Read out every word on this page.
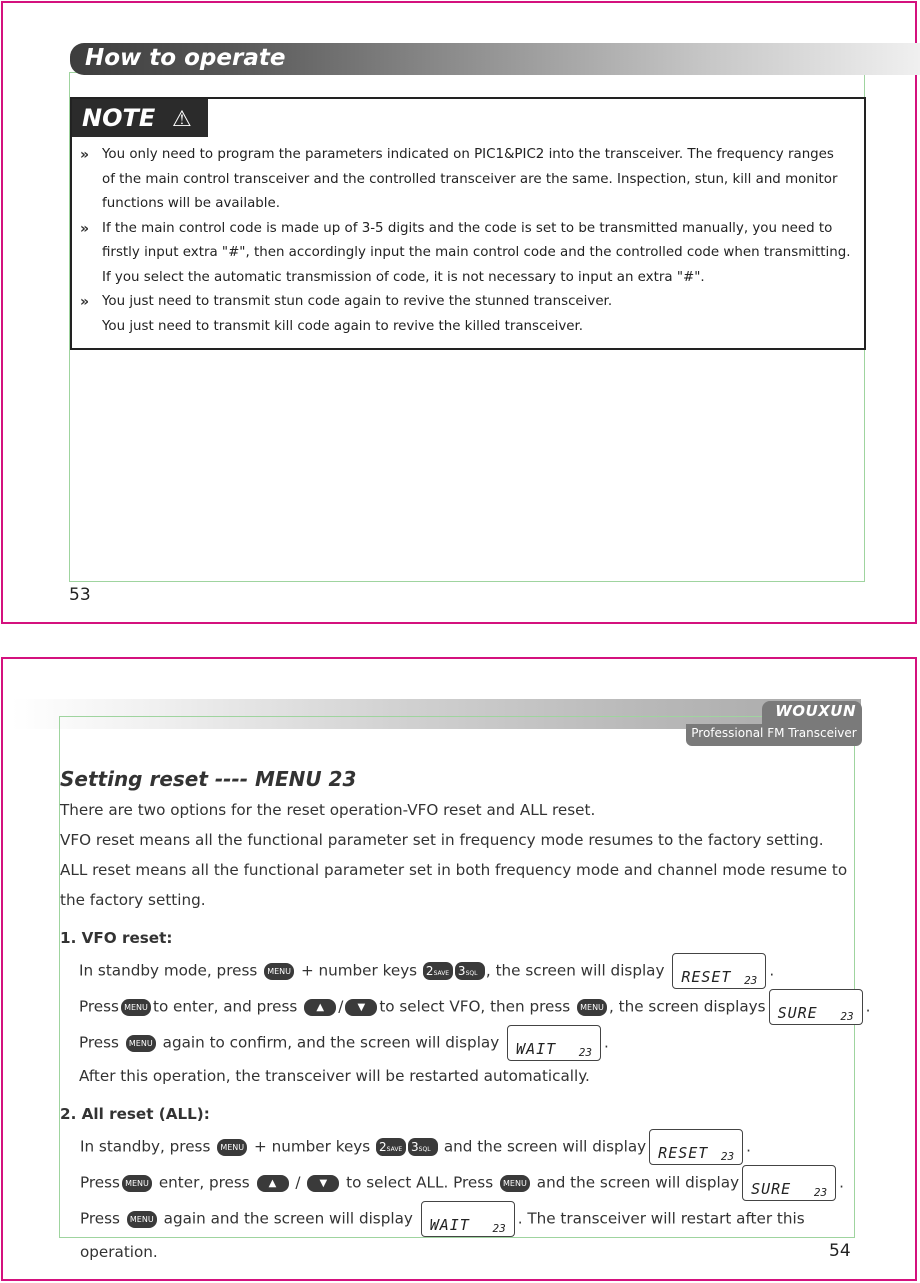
How to operate
NOTE ⚠
» You only need to program the parameters indicated on PIC1&PIC2 into the transceiver. The frequency ranges
of the main control transceiver and the controlled transceiver are the same. Inspection, stun, kill and monitor
functions will be available.
» If the main control code is made up of 3-5 digits and the code is set to be transmitted manually, you need to
firstly input extra "#", then accordingly input the main control code and the controlled code when transmitting.
If you select the automatic transmission of code, it is not necessary to input an extra "#".
» You just need to transmit stun code again to revive the stunned transceiver.
You just need to transmit kill code again to revive the killed transceiver.
53
WOUXUN
Professional FM Transceiver
Setting reset ---- MENU 23
There are two options for the reset operation-VFO reset and ALL reset.
VFO reset means all the functional parameter set in frequency mode resumes to the factory setting.
ALL reset means all the functional parameter set in both frequency mode and channel mode resume to
the factory setting.
1. VFO reset:
In standby mode, press MENU + number keys 2SAVE 3SQL , the screen will display RESET 23
.
Press MENU to enter, and press ▲ / ▼ to select VFO, then press MENU , the screen displays SURE 23
.
Press MENU again to confirm, and the screen will display WAIT 23
.
After this operation, the transceiver will be restarted automatically.
2. All reset (ALL):
In standby, press MENU + number keys 2SAVE 3SQL and the screen will display RESET 23
.
Press MENU enter, press ▲ / ▼ to select ALL. Press MENU and the screen will display SURE 23
.
Press MENU again and the screen will display WAIT 23
. The transceiver will restart after this
operation.	54
